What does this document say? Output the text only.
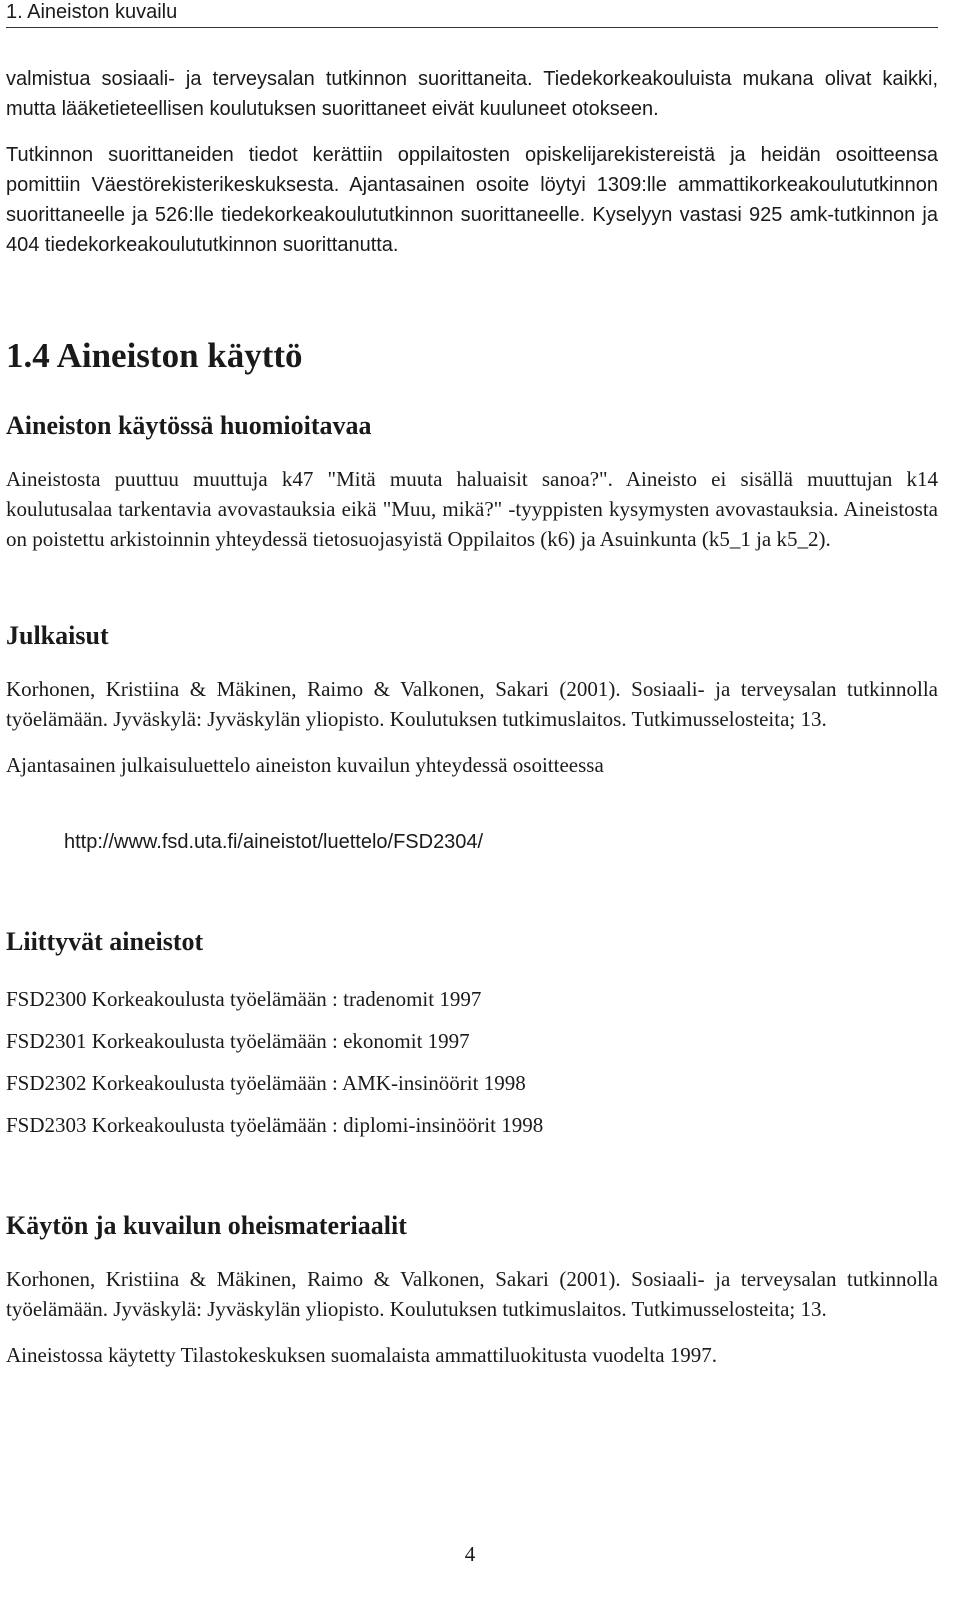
1. Aineiston kuvailu

valmistua sosiaali- ja terveysalan tutkinnon suorittaneita. Tiedekorkeakouluista mukana olivat kaikki, mutta lääketieteellisen koulutuksen suorittaneet eivät kuuluneet otokseen.

Tutkinnon suorittaneiden tiedot kerättiin oppilaitosten opiskelijarekistereistä ja heidän osoitteensa pomittiin Väestörekisterikeskuksesta. Ajantasainen osoite löytyi 1309:lle ammattikorkeakoulututkinnon suorittaneelle ja 526:lle tiedekorkeakoulututkinnon suorittaneelle. Kyselyyn vastasi 925 amk-tutkinnon ja 404 tiedekorkeakoulututkinnon suorittanutta.

1.4 Aineiston käyttö
Aineiston käytössä huomioitavaa

Aineistosta puuttuu muuttuja k47 "Mitä muuta haluaisit sanoa?". Aineisto ei sisällä muuttujan k14 koulutusalaa tarkentavia avovastauksia eikä "Muu, mikä?" -tyyppisten kysymysten avovastauksia. Aineistosta on poistettu arkistoinnin yhteydessä tietosuojasyistä Oppilaitos (k6) ja Asuinkunta (k5_1 ja k5_2).

Julkaisut

Korhonen, Kristiina & Mäkinen, Raimo & Valkonen, Sakari (2001). Sosiaali- ja terveysalan tutkinnolla työelämään. Jyväskylä: Jyväskylän yliopisto. Koulutuksen tutkimuslaitos. Tutkimusselosteita; 13.

Ajantasainen julkaisuluettelo aineiston kuvailun yhteydessä osoitteessa

http://www.fsd.uta.fi/aineistot/luettelo/FSD2304/
Liittyvät aineistot

FSD2300 Korkeakoulusta työelämään : tradenomit 1997

FSD2301 Korkeakoulusta työelämään : ekonomit 1997

FSD2302 Korkeakoulusta työelämään : AMK-insinöörit 1998

FSD2303 Korkeakoulusta työelämään : diplomi-insinöörit 1998

Käytön ja kuvailun oheismateriaalit

Korhonen, Kristiina & Mäkinen, Raimo & Valkonen, Sakari (2001). Sosiaali- ja terveysalan tutkinnolla työelämään. Jyväskylä: Jyväskylän yliopisto. Koulutuksen tutkimuslaitos. Tutkimusselosteita; 13.

Aineistossa käytetty Tilastokeskuksen suomalaista ammattiluokitusta vuodelta 1997.

4
